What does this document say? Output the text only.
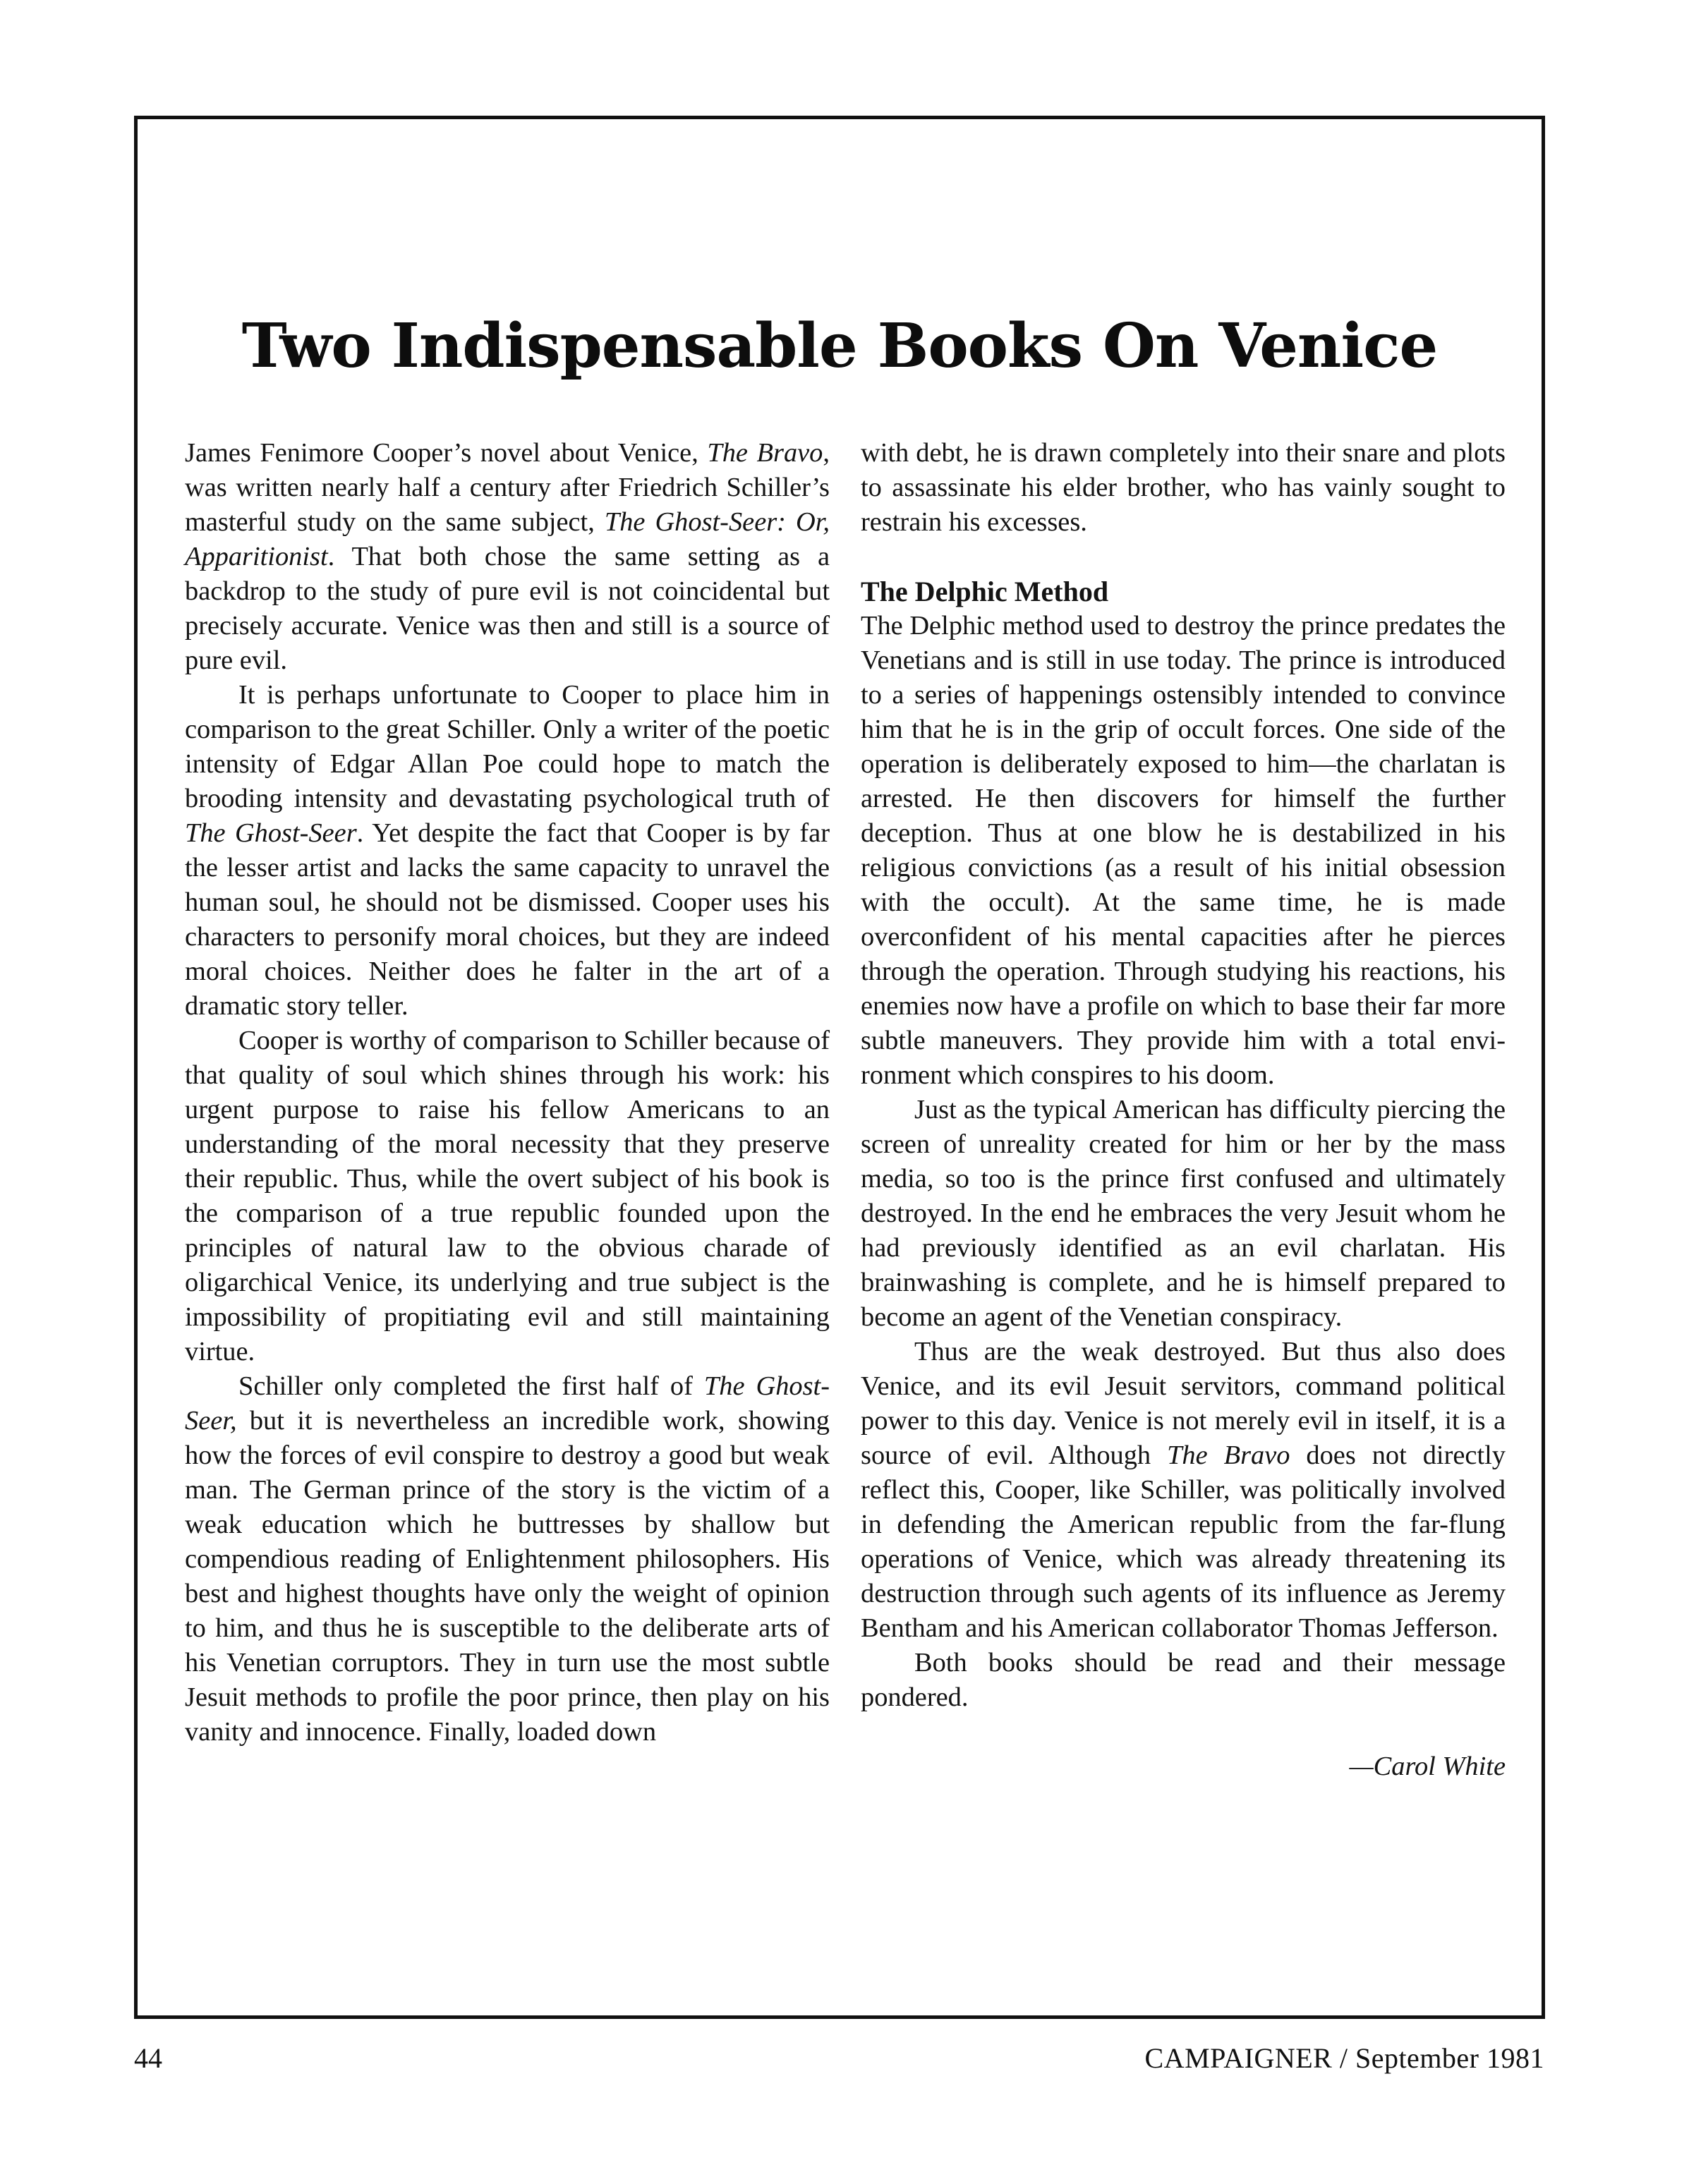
Two Indispensable Books On Venice

James Fenimore Cooper’s novel about Venice, The Bravo, was written nearly half a century after Friedrich Schiller’s masterful study on the same subject, The Ghost-Seer: Or, Apparitionist. That both chose the same setting as a backdrop to the study of pure evil is not coincidental but precisely accurate. Venice was then and still is a source of pure evil.

It is perhaps unfortunate to Cooper to place him in comparison to the great Schiller. Only a writer of the poetic intensity of Edgar Allan Poe could hope to match the brooding intensity and devastating psychological truth of The Ghost-Seer. Yet despite the fact that Cooper is by far the lesser artist and lacks the same capacity to unravel the human soul, he should not be dismissed. Cooper uses his characters to personify moral choices, but they are indeed moral choices. Neither does he falter in the art of a dramatic story teller.

Cooper is worthy of comparison to Schiller because of that quality of soul which shines through his work: his urgent purpose to raise his fellow Americans to an understanding of the moral necessity that they preserve their republic. Thus, while the overt subject of his book is the comparison of a true republic founded upon the principles of natural law to the obvious charade of oligarchical Venice, its underlying and true subject is the impossibility of propitiating evil and still maintaining virtue.

Schiller only completed the first half of The Ghost-Seer, but it is nevertheless an incredible work, showing how the forces of evil conspire to destroy a good but weak man. The German prince of the story is the victim of a weak education which he buttresses by shallow but compendious reading of Enlightenment philosophers. His best and highest thoughts have only the weight of opinion to him, and thus he is susceptible to the deliberate arts of his Venetian corruptors. They in turn use the most subtle Jesuit methods to profile the poor prince, then play on his vanity and innocence. Finally, loaded down

with debt, he is drawn completely into their snare and plots to assassinate his elder brother, who has vainly sought to restrain his excesses.

The Delphic Method

The Delphic method used to destroy the prince predates the Venetians and is still in use today. The prince is introduced to a series of happenings ostensibly intended to convince him that he is in the grip of occult forces. One side of the operation is deliberately exposed to him—the charlatan is arrested. He then discovers for himself the further deception. Thus at one blow he is destabilized in his religious convictions (as a result of his initial obsession with the occult). At the same time, he is made overconfident of his mental capacities after he pierces through the operation. Through studying his reactions, his enemies now have a profile on which to base their far more subtle maneuvers. They provide him with a total environment which conspires to his doom.

Just as the typical American has difficulty piercing the screen of unreality created for him or her by the mass media, so too is the prince first confused and ultimately destroyed. In the end he embraces the very Jesuit whom he had previously identified as an evil charlatan. His brainwashing is complete, and he is himself prepared to become an agent of the Venetian conspiracy.

Thus are the weak destroyed. But thus also does Venice, and its evil Jesuit servitors, command political power to this day. Venice is not merely evil in itself, it is a source of evil. Although The Bravo does not directly reflect this, Cooper, like Schiller, was politically involved in defending the American republic from the far-flung operations of Venice, which was already threatening its destruction through such agents of its influence as Jeremy Bentham and his American collaborator Thomas Jefferson.

Both books should be read and their message pondered.

—Carol White

44	CAMPAIGNER / September 1981
